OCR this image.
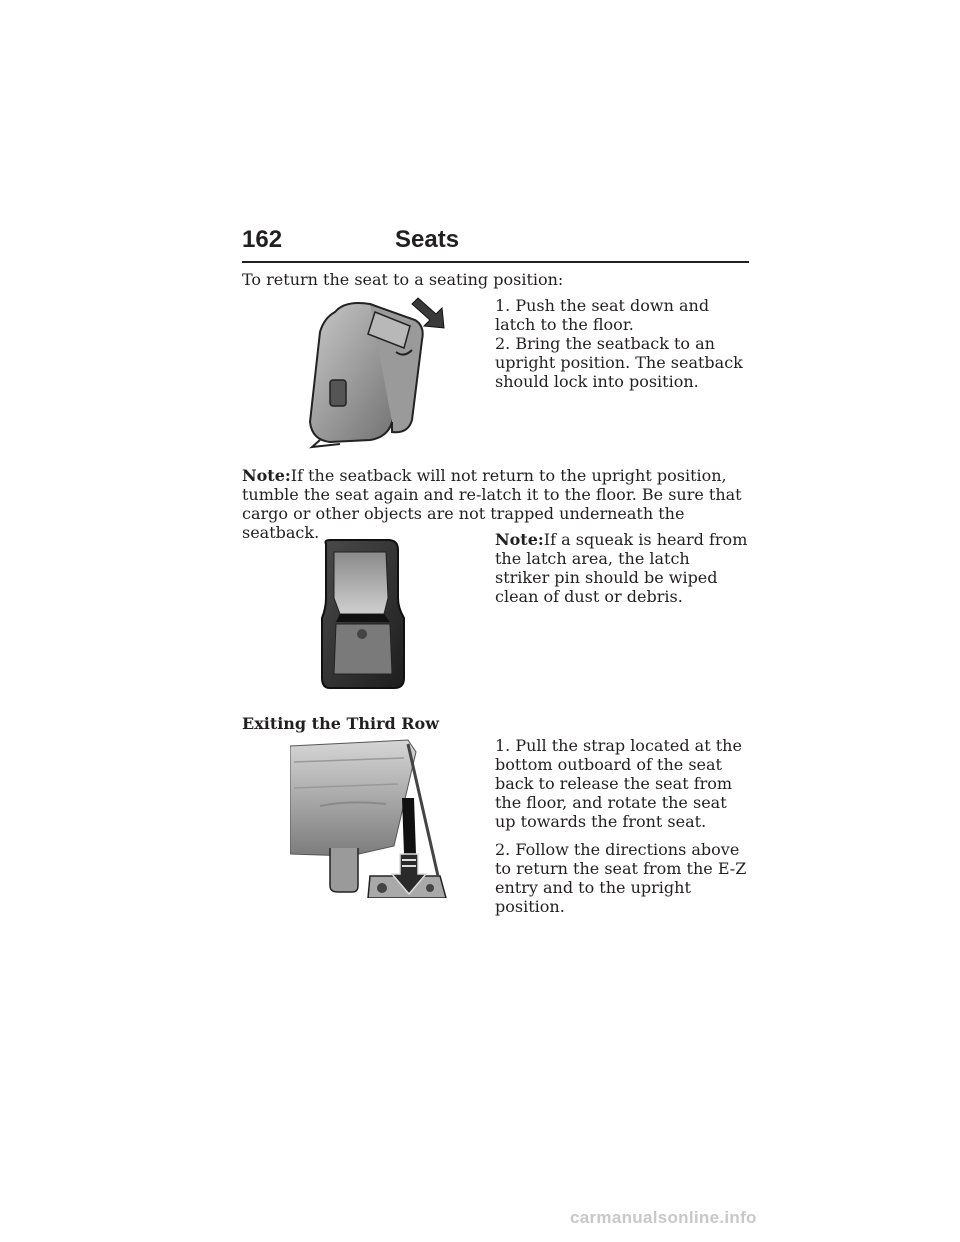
162	Seats

To return the seat to a seating position:

1. Push the seat down and latch to the floor.

2. Bring the seatback to an upright position. The seatback should lock into position.

Note:If the seatback will not return to the upright position, tumble the seat again and re-latch it to the floor. Be sure that cargo or other objects are not trapped underneath the seatback.	Note:If a squeak is heard from the latch area, the latch striker pin should be wiped clean of dust or debris.

Exiting the Third Row

1. Pull the strap located at the bottom outboard of the seat back to release the seat from the floor, and rotate the seat up towards the front seat.

2. Follow the directions above to return the seat from the E-Z entry and to the upright position.

carmanualsonline.info
